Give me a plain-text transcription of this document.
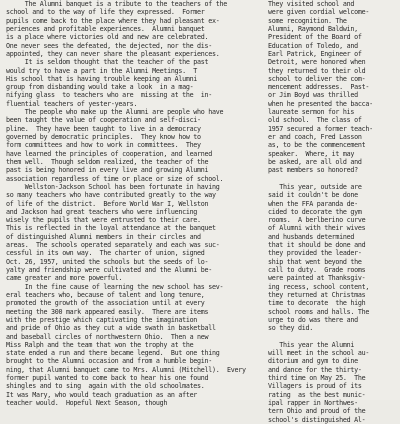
The Alumni banquet is a tribute to the teachers of the
school and to the way of life they expressed.  Former
pupils come back to the place where they had pleasant ex-
periences and profitable experiences.  Alumni banquet
is a place where victories old and new are celebrated.
One never sees the defeated, the dejected, nor the dis-
appointed, they can never share the pleasant experiences.
It is seldom thought that the teacher of the past
would try to have a part in the Alumni Meetings.  T
His school that is having trouble keeping an Alumni
group from disbanding would take a look  in a mag-
nifying glass  to teachers who are  missing at the  in-
fluential teachers of yester-years.
The people who make up the Alumni are people who have
been taught the value of cooperation and self-disci-
pline.  They have been taught to live in a democracy
governed by democratic principles.  They know how to
form committees and how to work in committees.  They
have learned the principles of cooperation, and learned
them well.  Though seldom realized, the teacher of the
past is being honored in every live and growing Alumni
association regardless of time or place or size of school.
Wellston-Jackson School has been fortunate in having
so many teachers who have contributed greatly to the way
of life of the district.  Before World War I, Wellston
and Jackson had great teachers who were influencing
wisely the pupils that were entrusted to their care.
This is reflected in the loyal attendance at the banquet
of distinguished Alumni members in their circles and
areas.  The schools operated separately and each was suc-
cessful in its own way.  The charter of union, signed
Oct. 26, 1957, united the schools but the seeds of lo-
yalty and friendship were cultivated and the Alumni be-
came greater and more powerful.
In the fine cause of learning the new school has sev-
eral teachers who, because of talent and long tenure,
promoted the growth of the association until at every
meeting the 300 mark appeared easily.  There are items
with the prestige which captivating the imagination
and pride of Ohio as they cut a wide swath in basketball
and baseball circles of northwestern Ohio.  Then a new
Miss Ralph and the team that won the trophy at the
state ended a run and there became legend.  But one thing
brought to the Alumni occasion and from a humble begin-
ning, that Alumni banquet came to Mrs. Alumni (Mitchell).  Every
former pupil wanted to come back to hear his one found
shingles and to sing  again with the old schoolmates.
It was Mary, who would teach graduation as an after
teacher would.  Hopeful Next Season, though
They visited school and
were given cordial welcome-
some recognition. The
Alumni, Raymond Baldwin,
President of the Board of
Education of Toledo, and
Earl Patrick, Engineer of
Detroit, were honored when
they returned to their old
school to deliver the com-
mencement addresses.  Past-
or Jim Boyd was thrilled
when he presented the bacca-
laureate sermon for his
old school.  The class of
1957 secured a former teach-
er and coach, Fred Lasson
as, to be the commencement
speaker.  Where, it may
be asked, are all old and
past members so honored?
This year, outside are
said it couldn't be done
when the FFA paranda de-
cided to decorate the gym
rooms.  A berlberino curve
of Alumni with their wives
and husbands determined
that it should be done and
they provided the leader-
ship that went beyond the
call to duty.  Grade rooms
were painted at Thanksgiv-
ing recess, school content,
they returned at Christmas
time to decorate  the high
school rooms and halls. The
urge to do was there and
so they did.
This year the Alumni
will meet in the school au-
ditorium and gym to dine
and dance for the thirty-
third time on May 25.  The
Villagers is proud of its
rating  as the best munic-
ipal rapper in Northwes-
tern Ohio and proud of the
school's distinguished Al-
